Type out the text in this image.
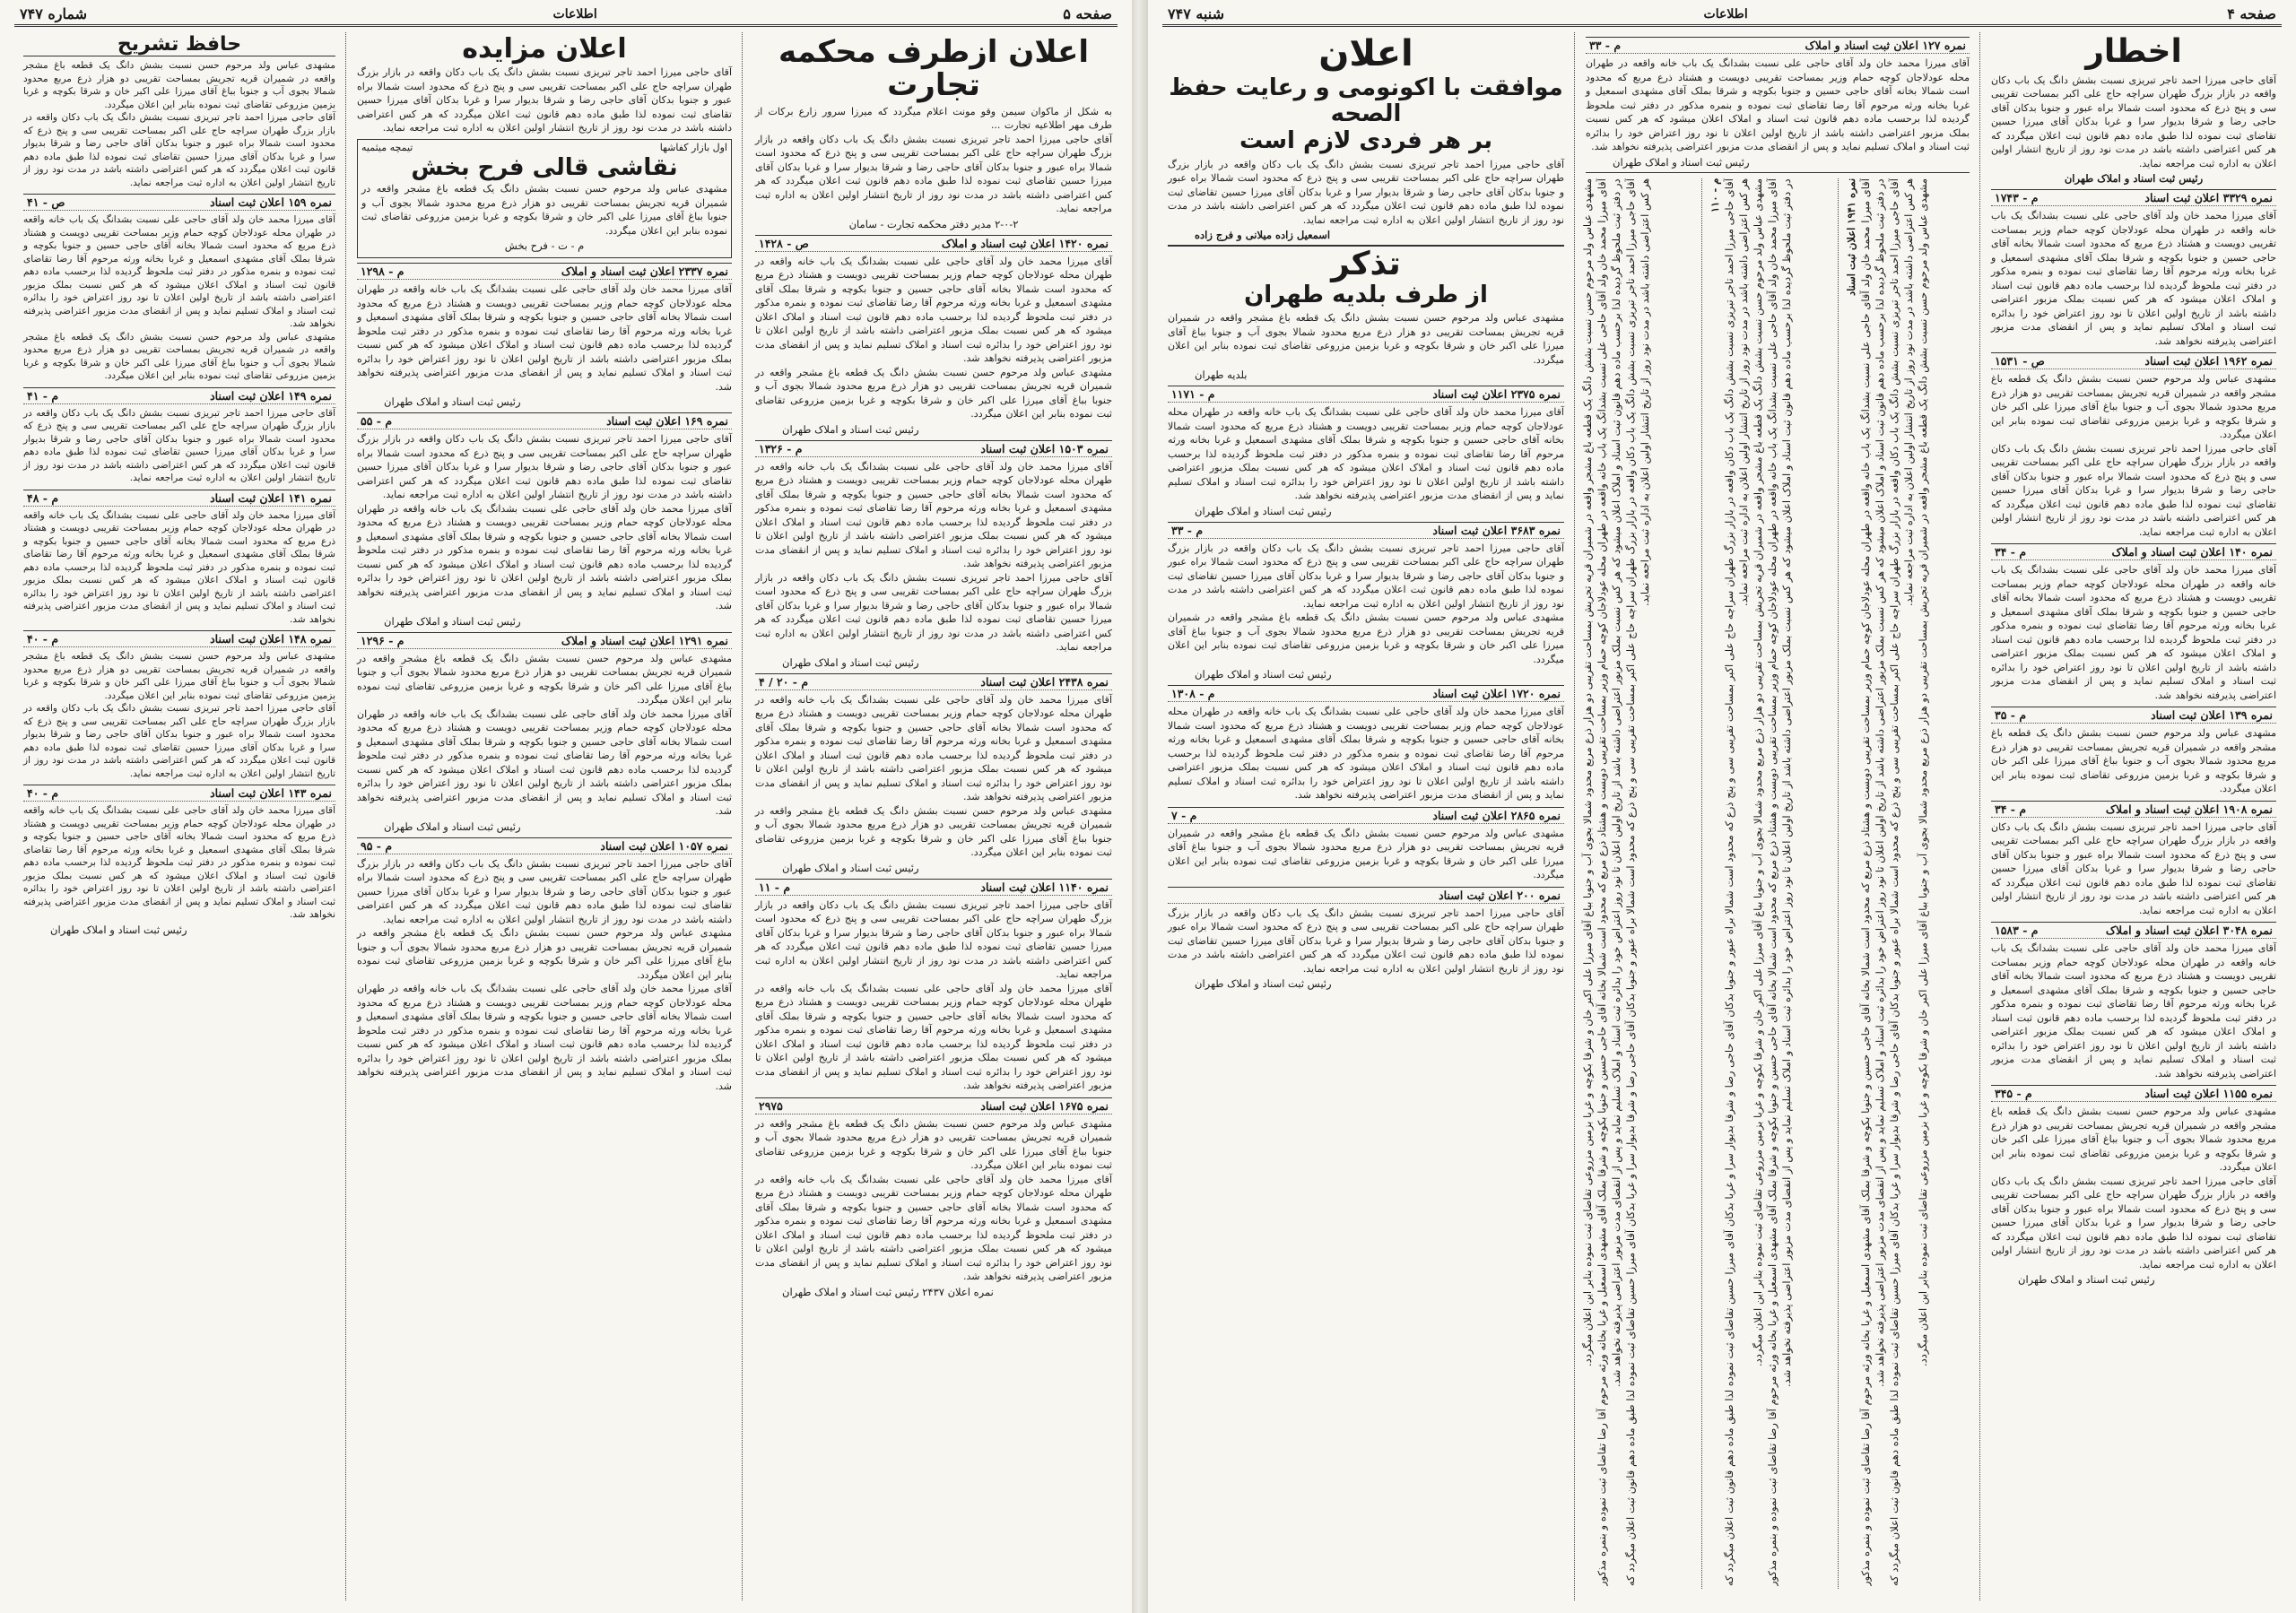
صفحه ۵
اطلاعات
شماره ۷۴۷
اعلان ازطرف محکمه تجارت
به شکل از ماکوان سیمن وقو مونت اعلام میگردد که میرزا سرور زارع برکات از طرف مهر اطلاعیه تجارت ...
آقای حاجی میرزا احمد تاجر تبریزی نسبت بشش دانگ یک باب دکان واقعه در بازار بزرگ طهران سراچه حاج علی اکبر بمساحت تقریبی سی و پنج ذرع که محدود است شمالا براه عبور و جنوبا بدکان آقای حاجی رضا و شرقا بدیوار سرا و غربا بدکان آقای میرزا حسین تقاضای ثبت نموده لذا طبق ماده دهم قانون ثبت اعلان میگردد که هر کس اعتراضی داشته باشد در مدت نود روز از تاریخ انتشار اولین اعلان به اداره ثبت مراجعه نماید.
۲-۰-۲ مدیر دفتر محکمه تجارت - سامان
نمره ۱۴۲۰ اعلان ثبت اسناد و املاک
ص - ۱۴۲۸
آقای میرزا محمد خان ولد آقای حاجی علی نسبت بشدانگ یک باب خانه واقعه در طهران محله عودلاجان کوچه حمام وزیر بمساحت تقریبی دویست و هشتاد ذرع مربع که محدود است شمالا بخانه آقای حاجی حسین و جنوبا بکوچه و شرقا بملک آقای مشهدی اسمعیل و غربا بخانه ورثه مرحوم آقا رضا تقاضای ثبت نموده و بنمره مذکور در دفتر ثبت ملحوظ گردیده لذا برحسب ماده دهم قانون ثبت اسناد و املاک اعلان میشود که هر کس نسبت بملک مزبور اعتراضی داشته باشد از تاریخ اولین اعلان تا نود روز اعتراض خود را بدائره ثبت اسناد و املاک تسلیم نماید و پس از انقضای مدت مزبور اعتراضی پذیرفته نخواهد شد.
مشهدی عباس ولد مرحوم حسن نسبت بشش دانگ یک قطعه باغ مشجر واقعه در شمیران قریه تجریش بمساحت تقریبی دو هزار ذرع مربع محدود شمالا بجوی آب و جنوبا بباغ آقای میرزا علی اکبر خان و شرقا بکوچه و غربا بزمین مزروعی تقاضای ثبت نموده بنابر این اعلان میگردد.
رئیس ثبت اسناد و املاک طهران
نمره ۱۵۰۳ اعلان ثبت اسناد
م - ۱۳۲۶
آقای میرزا محمد خان ولد آقای حاجی علی نسبت بشدانگ یک باب خانه واقعه در طهران محله عودلاجان کوچه حمام وزیر بمساحت تقریبی دویست و هشتاد ذرع مربع که محدود است شمالا بخانه آقای حاجی حسین و جنوبا بکوچه و شرقا بملک آقای مشهدی اسمعیل و غربا بخانه ورثه مرحوم آقا رضا تقاضای ثبت نموده و بنمره مذکور در دفتر ثبت ملحوظ گردیده لذا برحسب ماده دهم قانون ثبت اسناد و املاک اعلان میشود که هر کس نسبت بملک مزبور اعتراضی داشته باشد از تاریخ اولین اعلان تا نود روز اعتراض خود را بدائره ثبت اسناد و املاک تسلیم نماید و پس از انقضای مدت مزبور اعتراضی پذیرفته نخواهد شد.
آقای حاجی میرزا احمد تاجر تبریزی نسبت بشش دانگ یک باب دکان واقعه در بازار بزرگ طهران سراچه حاج علی اکبر بمساحت تقریبی سی و پنج ذرع که محدود است شمالا براه عبور و جنوبا بدکان آقای حاجی رضا و شرقا بدیوار سرا و غربا بدکان آقای میرزا حسین تقاضای ثبت نموده لذا طبق ماده دهم قانون ثبت اعلان میگردد که هر کس اعتراضی داشته باشد در مدت نود روز از تاریخ انتشار اولین اعلان به اداره ثبت مراجعه نماید.
رئیس ثبت اسناد و املاک طهران
نمره ۲۴۳۸ اعلان ثبت اسناد
م - ۲۰ / ۴
آقای میرزا محمد خان ولد آقای حاجی علی نسبت بشدانگ یک باب خانه واقعه در طهران محله عودلاجان کوچه حمام وزیر بمساحت تقریبی دویست و هشتاد ذرع مربع که محدود است شمالا بخانه آقای حاجی حسین و جنوبا بکوچه و شرقا بملک آقای مشهدی اسمعیل و غربا بخانه ورثه مرحوم آقا رضا تقاضای ثبت نموده و بنمره مذکور در دفتر ثبت ملحوظ گردیده لذا برحسب ماده دهم قانون ثبت اسناد و املاک اعلان میشود که هر کس نسبت بملک مزبور اعتراضی داشته باشد از تاریخ اولین اعلان تا نود روز اعتراض خود را بدائره ثبت اسناد و املاک تسلیم نماید و پس از انقضای مدت مزبور اعتراضی پذیرفته نخواهد شد.
مشهدی عباس ولد مرحوم حسن نسبت بشش دانگ یک قطعه باغ مشجر واقعه در شمیران قریه تجریش بمساحت تقریبی دو هزار ذرع مربع محدود شمالا بجوی آب و جنوبا بباغ آقای میرزا علی اکبر خان و شرقا بکوچه و غربا بزمین مزروعی تقاضای ثبت نموده بنابر این اعلان میگردد.
رئیس ثبت اسناد و املاک طهران
نمره ۱۱۴۰ اعلان ثبت اسناد
م - ۱۱
آقای حاجی میرزا احمد تاجر تبریزی نسبت بشش دانگ یک باب دکان واقعه در بازار بزرگ طهران سراچه حاج علی اکبر بمساحت تقریبی سی و پنج ذرع که محدود است شمالا براه عبور و جنوبا بدکان آقای حاجی رضا و شرقا بدیوار سرا و غربا بدکان آقای میرزا حسین تقاضای ثبت نموده لذا طبق ماده دهم قانون ثبت اعلان میگردد که هر کس اعتراضی داشته باشد در مدت نود روز از تاریخ انتشار اولین اعلان به اداره ثبت مراجعه نماید.
آقای میرزا محمد خان ولد آقای حاجی علی نسبت بشدانگ یک باب خانه واقعه در طهران محله عودلاجان کوچه حمام وزیر بمساحت تقریبی دویست و هشتاد ذرع مربع که محدود است شمالا بخانه آقای حاجی حسین و جنوبا بکوچه و شرقا بملک آقای مشهدی اسمعیل و غربا بخانه ورثه مرحوم آقا رضا تقاضای ثبت نموده و بنمره مذکور در دفتر ثبت ملحوظ گردیده لذا برحسب ماده دهم قانون ثبت اسناد و املاک اعلان میشود که هر کس نسبت بملک مزبور اعتراضی داشته باشد از تاریخ اولین اعلان تا نود روز اعتراض خود را بدائره ثبت اسناد و املاک تسلیم نماید و پس از انقضای مدت مزبور اعتراضی پذیرفته نخواهد شد.
نمره ۱۶۷۵ اعلان ثبت اسناد
۲۹۷۵
مشهدی عباس ولد مرحوم حسن نسبت بشش دانگ یک قطعه باغ مشجر واقعه در شمیران قریه تجریش بمساحت تقریبی دو هزار ذرع مربع محدود شمالا بجوی آب و جنوبا بباغ آقای میرزا علی اکبر خان و شرقا بکوچه و غربا بزمین مزروعی تقاضای ثبت نموده بنابر این اعلان میگردد.
آقای میرزا محمد خان ولد آقای حاجی علی نسبت بشدانگ یک باب خانه واقعه در طهران محله عودلاجان کوچه حمام وزیر بمساحت تقریبی دویست و هشتاد ذرع مربع که محدود است شمالا بخانه آقای حاجی حسین و جنوبا بکوچه و شرقا بملک آقای مشهدی اسمعیل و غربا بخانه ورثه مرحوم آقا رضا تقاضای ثبت نموده و بنمره مذکور در دفتر ثبت ملحوظ گردیده لذا برحسب ماده دهم قانون ثبت اسناد و املاک اعلان میشود که هر کس نسبت بملک مزبور اعتراضی داشته باشد از تاریخ اولین اعلان تا نود روز اعتراض خود را بدائره ثبت اسناد و املاک تسلیم نماید و پس از انقضای مدت مزبور اعتراضی پذیرفته نخواهد شد.
نمره اعلان ۲۴۳۷ رئیس ثبت اسناد و املاک طهران
اعلان مزایده
آقای حاجی میرزا احمد تاجر تبریزی نسبت بشش دانگ یک باب دکان واقعه در بازار بزرگ طهران سراچه حاج علی اکبر بمساحت تقریبی سی و پنج ذرع که محدود است شمالا براه عبور و جنوبا بدکان آقای حاجی رضا و شرقا بدیوار سرا و غربا بدکان آقای میرزا حسین تقاضای ثبت نموده لذا طبق ماده دهم قانون ثبت اعلان میگردد که هر کس اعتراضی داشته باشد در مدت نود روز از تاریخ انتشار اولین اعلان به اداره ثبت مراجعه نماید.
اول بازار کفاشها
تیمچه میثمیه
نقاشی قالی فرح بخش
مشهدی عباس ولد مرحوم حسن نسبت بشش دانگ یک قطعه باغ مشجر واقعه در شمیران قریه تجریش بمساحت تقریبی دو هزار ذرع مربع محدود شمالا بجوی آب و جنوبا بباغ آقای میرزا علی اکبر خان و شرقا بکوچه و غربا بزمین مزروعی تقاضای ثبت نموده بنابر این اعلان میگردد.
م - ت - فرح بخش
نمره ۲۳۳۷ اعلان ثبت اسناد و املاک
م - ۱۲۹۸
آقای میرزا محمد خان ولد آقای حاجی علی نسبت بشدانگ یک باب خانه واقعه در طهران محله عودلاجان کوچه حمام وزیر بمساحت تقریبی دویست و هشتاد ذرع مربع که محدود است شمالا بخانه آقای حاجی حسین و جنوبا بکوچه و شرقا بملک آقای مشهدی اسمعیل و غربا بخانه ورثه مرحوم آقا رضا تقاضای ثبت نموده و بنمره مذکور در دفتر ثبت ملحوظ گردیده لذا برحسب ماده دهم قانون ثبت اسناد و املاک اعلان میشود که هر کس نسبت بملک مزبور اعتراضی داشته باشد از تاریخ اولین اعلان تا نود روز اعتراض خود را بدائره ثبت اسناد و املاک تسلیم نماید و پس از انقضای مدت مزبور اعتراضی پذیرفته نخواهد شد.
رئیس ثبت اسناد و املاک طهران
نمره ۱۶۹ اعلان ثبت اسناد
م - ۵۵
آقای حاجی میرزا احمد تاجر تبریزی نسبت بشش دانگ یک باب دکان واقعه در بازار بزرگ طهران سراچه حاج علی اکبر بمساحت تقریبی سی و پنج ذرع که محدود است شمالا براه عبور و جنوبا بدکان آقای حاجی رضا و شرقا بدیوار سرا و غربا بدکان آقای میرزا حسین تقاضای ثبت نموده لذا طبق ماده دهم قانون ثبت اعلان میگردد که هر کس اعتراضی داشته باشد در مدت نود روز از تاریخ انتشار اولین اعلان به اداره ثبت مراجعه نماید.
آقای میرزا محمد خان ولد آقای حاجی علی نسبت بشدانگ یک باب خانه واقعه در طهران محله عودلاجان کوچه حمام وزیر بمساحت تقریبی دویست و هشتاد ذرع مربع که محدود است شمالا بخانه آقای حاجی حسین و جنوبا بکوچه و شرقا بملک آقای مشهدی اسمعیل و غربا بخانه ورثه مرحوم آقا رضا تقاضای ثبت نموده و بنمره مذکور در دفتر ثبت ملحوظ گردیده لذا برحسب ماده دهم قانون ثبت اسناد و املاک اعلان میشود که هر کس نسبت بملک مزبور اعتراضی داشته باشد از تاریخ اولین اعلان تا نود روز اعتراض خود را بدائره ثبت اسناد و املاک تسلیم نماید و پس از انقضای مدت مزبور اعتراضی پذیرفته نخواهد شد.
رئیس ثبت اسناد و املاک طهران
نمره ۱۲۹۱ اعلان ثبت اسناد و املاک
م - ۱۲۹۶
مشهدی عباس ولد مرحوم حسن نسبت بشش دانگ یک قطعه باغ مشجر واقعه در شمیران قریه تجریش بمساحت تقریبی دو هزار ذرع مربع محدود شمالا بجوی آب و جنوبا بباغ آقای میرزا علی اکبر خان و شرقا بکوچه و غربا بزمین مزروعی تقاضای ثبت نموده بنابر این اعلان میگردد.
آقای میرزا محمد خان ولد آقای حاجی علی نسبت بشدانگ یک باب خانه واقعه در طهران محله عودلاجان کوچه حمام وزیر بمساحت تقریبی دویست و هشتاد ذرع مربع که محدود است شمالا بخانه آقای حاجی حسین و جنوبا بکوچه و شرقا بملک آقای مشهدی اسمعیل و غربا بخانه ورثه مرحوم آقا رضا تقاضای ثبت نموده و بنمره مذکور در دفتر ثبت ملحوظ گردیده لذا برحسب ماده دهم قانون ثبت اسناد و املاک اعلان میشود که هر کس نسبت بملک مزبور اعتراضی داشته باشد از تاریخ اولین اعلان تا نود روز اعتراض خود را بدائره ثبت اسناد و املاک تسلیم نماید و پس از انقضای مدت مزبور اعتراضی پذیرفته نخواهد شد.
رئیس ثبت اسناد و املاک طهران
نمره ۱۰۵۷ اعلان ثبت اسناد
م - ۹۵
آقای حاجی میرزا احمد تاجر تبریزی نسبت بشش دانگ یک باب دکان واقعه در بازار بزرگ طهران سراچه حاج علی اکبر بمساحت تقریبی سی و پنج ذرع که محدود است شمالا براه عبور و جنوبا بدکان آقای حاجی رضا و شرقا بدیوار سرا و غربا بدکان آقای میرزا حسین تقاضای ثبت نموده لذا طبق ماده دهم قانون ثبت اعلان میگردد که هر کس اعتراضی داشته باشد در مدت نود روز از تاریخ انتشار اولین اعلان به اداره ثبت مراجعه نماید.
مشهدی عباس ولد مرحوم حسن نسبت بشش دانگ یک قطعه باغ مشجر واقعه در شمیران قریه تجریش بمساحت تقریبی دو هزار ذرع مربع محدود شمالا بجوی آب و جنوبا بباغ آقای میرزا علی اکبر خان و شرقا بکوچه و غربا بزمین مزروعی تقاضای ثبت نموده بنابر این اعلان میگردد.
آقای میرزا محمد خان ولد آقای حاجی علی نسبت بشدانگ یک باب خانه واقعه در طهران محله عودلاجان کوچه حمام وزیر بمساحت تقریبی دویست و هشتاد ذرع مربع که محدود است شمالا بخانه آقای حاجی حسین و جنوبا بکوچه و شرقا بملک آقای مشهدی اسمعیل و غربا بخانه ورثه مرحوم آقا رضا تقاضای ثبت نموده و بنمره مذکور در دفتر ثبت ملحوظ گردیده لذا برحسب ماده دهم قانون ثبت اسناد و املاک اعلان میشود که هر کس نسبت بملک مزبور اعتراضی داشته باشد از تاریخ اولین اعلان تا نود روز اعتراض خود را بدائره ثبت اسناد و املاک تسلیم نماید و پس از انقضای مدت مزبور اعتراضی پذیرفته نخواهد شد.
حافظ تشریح
مشهدی عباس ولد مرحوم حسن نسبت بشش دانگ یک قطعه باغ مشجر واقعه در شمیران قریه تجریش بمساحت تقریبی دو هزار ذرع مربع محدود شمالا بجوی آب و جنوبا بباغ آقای میرزا علی اکبر خان و شرقا بکوچه و غربا بزمین مزروعی تقاضای ثبت نموده بنابر این اعلان میگردد.
آقای حاجی میرزا احمد تاجر تبریزی نسبت بشش دانگ یک باب دکان واقعه در بازار بزرگ طهران سراچه حاج علی اکبر بمساحت تقریبی سی و پنج ذرع که محدود است شمالا براه عبور و جنوبا بدکان آقای حاجی رضا و شرقا بدیوار سرا و غربا بدکان آقای میرزا حسین تقاضای ثبت نموده لذا طبق ماده دهم قانون ثبت اعلان میگردد که هر کس اعتراضی داشته باشد در مدت نود روز از تاریخ انتشار اولین اعلان به اداره ثبت مراجعه نماید.
نمره ۱۵۹ اعلان ثبت اسناد
ص - ۴۱
آقای میرزا محمد خان ولد آقای حاجی علی نسبت بشدانگ یک باب خانه واقعه در طهران محله عودلاجان کوچه حمام وزیر بمساحت تقریبی دویست و هشتاد ذرع مربع که محدود است شمالا بخانه آقای حاجی حسین و جنوبا بکوچه و شرقا بملک آقای مشهدی اسمعیل و غربا بخانه ورثه مرحوم آقا رضا تقاضای ثبت نموده و بنمره مذکور در دفتر ثبت ملحوظ گردیده لذا برحسب ماده دهم قانون ثبت اسناد و املاک اعلان میشود که هر کس نسبت بملک مزبور اعتراضی داشته باشد از تاریخ اولین اعلان تا نود روز اعتراض خود را بدائره ثبت اسناد و املاک تسلیم نماید و پس از انقضای مدت مزبور اعتراضی پذیرفته نخواهد شد.
مشهدی عباس ولد مرحوم حسن نسبت بشش دانگ یک قطعه باغ مشجر واقعه در شمیران قریه تجریش بمساحت تقریبی دو هزار ذرع مربع محدود شمالا بجوی آب و جنوبا بباغ آقای میرزا علی اکبر خان و شرقا بکوچه و غربا بزمین مزروعی تقاضای ثبت نموده بنابر این اعلان میگردد.
نمره ۱۴۹ اعلان ثبت اسناد
م - ۴۱
آقای حاجی میرزا احمد تاجر تبریزی نسبت بشش دانگ یک باب دکان واقعه در بازار بزرگ طهران سراچه حاج علی اکبر بمساحت تقریبی سی و پنج ذرع که محدود است شمالا براه عبور و جنوبا بدکان آقای حاجی رضا و شرقا بدیوار سرا و غربا بدکان آقای میرزا حسین تقاضای ثبت نموده لذا طبق ماده دهم قانون ثبت اعلان میگردد که هر کس اعتراضی داشته باشد در مدت نود روز از تاریخ انتشار اولین اعلان به اداره ثبت مراجعه نماید.
نمره ۱۴۱ اعلان ثبت اسناد
م - ۴۸
آقای میرزا محمد خان ولد آقای حاجی علی نسبت بشدانگ یک باب خانه واقعه در طهران محله عودلاجان کوچه حمام وزیر بمساحت تقریبی دویست و هشتاد ذرع مربع که محدود است شمالا بخانه آقای حاجی حسین و جنوبا بکوچه و شرقا بملک آقای مشهدی اسمعیل و غربا بخانه ورثه مرحوم آقا رضا تقاضای ثبت نموده و بنمره مذکور در دفتر ثبت ملحوظ گردیده لذا برحسب ماده دهم قانون ثبت اسناد و املاک اعلان میشود که هر کس نسبت بملک مزبور اعتراضی داشته باشد از تاریخ اولین اعلان تا نود روز اعتراض خود را بدائره ثبت اسناد و املاک تسلیم نماید و پس از انقضای مدت مزبور اعتراضی پذیرفته نخواهد شد.
نمره ۱۴۸ اعلان ثبت اسناد
م - ۴۰
مشهدی عباس ولد مرحوم حسن نسبت بشش دانگ یک قطعه باغ مشجر واقعه در شمیران قریه تجریش بمساحت تقریبی دو هزار ذرع مربع محدود شمالا بجوی آب و جنوبا بباغ آقای میرزا علی اکبر خان و شرقا بکوچه و غربا بزمین مزروعی تقاضای ثبت نموده بنابر این اعلان میگردد.
آقای حاجی میرزا احمد تاجر تبریزی نسبت بشش دانگ یک باب دکان واقعه در بازار بزرگ طهران سراچه حاج علی اکبر بمساحت تقریبی سی و پنج ذرع که محدود است شمالا براه عبور و جنوبا بدکان آقای حاجی رضا و شرقا بدیوار سرا و غربا بدکان آقای میرزا حسین تقاضای ثبت نموده لذا طبق ماده دهم قانون ثبت اعلان میگردد که هر کس اعتراضی داشته باشد در مدت نود روز از تاریخ انتشار اولین اعلان به اداره ثبت مراجعه نماید.
نمره ۱۴۳ اعلان ثبت اسناد
م - ۴۰
آقای میرزا محمد خان ولد آقای حاجی علی نسبت بشدانگ یک باب خانه واقعه در طهران محله عودلاجان کوچه حمام وزیر بمساحت تقریبی دویست و هشتاد ذرع مربع که محدود است شمالا بخانه آقای حاجی حسین و جنوبا بکوچه و شرقا بملک آقای مشهدی اسمعیل و غربا بخانه ورثه مرحوم آقا رضا تقاضای ثبت نموده و بنمره مذکور در دفتر ثبت ملحوظ گردیده لذا برحسب ماده دهم قانون ثبت اسناد و املاک اعلان میشود که هر کس نسبت بملک مزبور اعتراضی داشته باشد از تاریخ اولین اعلان تا نود روز اعتراض خود را بدائره ثبت اسناد و املاک تسلیم نماید و پس از انقضای مدت مزبور اعتراضی پذیرفته نخواهد شد.
رئیس ثبت اسناد و املاک طهران
صفحه ۴
اطلاعات
شنبه ۷۴۷
اخطار
آقای حاجی میرزا احمد تاجر تبریزی نسبت بشش دانگ یک باب دکان واقعه در بازار بزرگ طهران سراچه حاج علی اکبر بمساحت تقریبی سی و پنج ذرع که محدود است شمالا براه عبور و جنوبا بدکان آقای حاجی رضا و شرقا بدیوار سرا و غربا بدکان آقای میرزا حسین تقاضای ثبت نموده لذا طبق ماده دهم قانون ثبت اعلان میگردد که هر کس اعتراضی داشته باشد در مدت نود روز از تاریخ انتشار اولین اعلان به اداره ثبت مراجعه نماید.
رئیس ثبت اسناد و املاک طهران
نمره ۳۳۲۹ اعلان ثبت اسناد
م - ۱۷۴۳
آقای میرزا محمد خان ولد آقای حاجی علی نسبت بشدانگ یک باب خانه واقعه در طهران محله عودلاجان کوچه حمام وزیر بمساحت تقریبی دویست و هشتاد ذرع مربع که محدود است شمالا بخانه آقای حاجی حسین و جنوبا بکوچه و شرقا بملک آقای مشهدی اسمعیل و غربا بخانه ورثه مرحوم آقا رضا تقاضای ثبت نموده و بنمره مذکور در دفتر ثبت ملحوظ گردیده لذا برحسب ماده دهم قانون ثبت اسناد و املاک اعلان میشود که هر کس نسبت بملک مزبور اعتراضی داشته باشد از تاریخ اولین اعلان تا نود روز اعتراض خود را بدائره ثبت اسناد و املاک تسلیم نماید و پس از انقضای مدت مزبور اعتراضی پذیرفته نخواهد شد.
نمره ۱۹۶۲ اعلان ثبت اسناد
ص - ۱۵۳۱
مشهدی عباس ولد مرحوم حسن نسبت بشش دانگ یک قطعه باغ مشجر واقعه در شمیران قریه تجریش بمساحت تقریبی دو هزار ذرع مربع محدود شمالا بجوی آب و جنوبا بباغ آقای میرزا علی اکبر خان و شرقا بکوچه و غربا بزمین مزروعی تقاضای ثبت نموده بنابر این اعلان میگردد.
آقای حاجی میرزا احمد تاجر تبریزی نسبت بشش دانگ یک باب دکان واقعه در بازار بزرگ طهران سراچه حاج علی اکبر بمساحت تقریبی سی و پنج ذرع که محدود است شمالا براه عبور و جنوبا بدکان آقای حاجی رضا و شرقا بدیوار سرا و غربا بدکان آقای میرزا حسین تقاضای ثبت نموده لذا طبق ماده دهم قانون ثبت اعلان میگردد که هر کس اعتراضی داشته باشد در مدت نود روز از تاریخ انتشار اولین اعلان به اداره ثبت مراجعه نماید.
نمره ۱۴۰ اعلان ثبت اسناد و املاک
م - ۳۴
آقای میرزا محمد خان ولد آقای حاجی علی نسبت بشدانگ یک باب خانه واقعه در طهران محله عودلاجان کوچه حمام وزیر بمساحت تقریبی دویست و هشتاد ذرع مربع که محدود است شمالا بخانه آقای حاجی حسین و جنوبا بکوچه و شرقا بملک آقای مشهدی اسمعیل و غربا بخانه ورثه مرحوم آقا رضا تقاضای ثبت نموده و بنمره مذکور در دفتر ثبت ملحوظ گردیده لذا برحسب ماده دهم قانون ثبت اسناد و املاک اعلان میشود که هر کس نسبت بملک مزبور اعتراضی داشته باشد از تاریخ اولین اعلان تا نود روز اعتراض خود را بدائره ثبت اسناد و املاک تسلیم نماید و پس از انقضای مدت مزبور اعتراضی پذیرفته نخواهد شد.
نمره ۱۳۹ اعلان ثبت اسناد
م - ۳۵
مشهدی عباس ولد مرحوم حسن نسبت بشش دانگ یک قطعه باغ مشجر واقعه در شمیران قریه تجریش بمساحت تقریبی دو هزار ذرع مربع محدود شمالا بجوی آب و جنوبا بباغ آقای میرزا علی اکبر خان و شرقا بکوچه و غربا بزمین مزروعی تقاضای ثبت نموده بنابر این اعلان میگردد.
نمره ۱۹۰۸ اعلان ثبت اسناد و املاک
م - ۳۴
آقای حاجی میرزا احمد تاجر تبریزی نسبت بشش دانگ یک باب دکان واقعه در بازار بزرگ طهران سراچه حاج علی اکبر بمساحت تقریبی سی و پنج ذرع که محدود است شمالا براه عبور و جنوبا بدکان آقای حاجی رضا و شرقا بدیوار سرا و غربا بدکان آقای میرزا حسین تقاضای ثبت نموده لذا طبق ماده دهم قانون ثبت اعلان میگردد که هر کس اعتراضی داشته باشد در مدت نود روز از تاریخ انتشار اولین اعلان به اداره ثبت مراجعه نماید.
نمره ۳۰۴۸ اعلان ثبت اسناد و املاک
م - ۱۵۸۳
آقای میرزا محمد خان ولد آقای حاجی علی نسبت بشدانگ یک باب خانه واقعه در طهران محله عودلاجان کوچه حمام وزیر بمساحت تقریبی دویست و هشتاد ذرع مربع که محدود است شمالا بخانه آقای حاجی حسین و جنوبا بکوچه و شرقا بملک آقای مشهدی اسمعیل و غربا بخانه ورثه مرحوم آقا رضا تقاضای ثبت نموده و بنمره مذکور در دفتر ثبت ملحوظ گردیده لذا برحسب ماده دهم قانون ثبت اسناد و املاک اعلان میشود که هر کس نسبت بملک مزبور اعتراضی داشته باشد از تاریخ اولین اعلان تا نود روز اعتراض خود را بدائره ثبت اسناد و املاک تسلیم نماید و پس از انقضای مدت مزبور اعتراضی پذیرفته نخواهد شد.
نمره ۱۱۵۵ اعلان ثبت اسناد
م - ۳۴۵
مشهدی عباس ولد مرحوم حسن نسبت بشش دانگ یک قطعه باغ مشجر واقعه در شمیران قریه تجریش بمساحت تقریبی دو هزار ذرع مربع محدود شمالا بجوی آب و جنوبا بباغ آقای میرزا علی اکبر خان و شرقا بکوچه و غربا بزمین مزروعی تقاضای ثبت نموده بنابر این اعلان میگردد.
آقای حاجی میرزا احمد تاجر تبریزی نسبت بشش دانگ یک باب دکان واقعه در بازار بزرگ طهران سراچه حاج علی اکبر بمساحت تقریبی سی و پنج ذرع که محدود است شمالا براه عبور و جنوبا بدکان آقای حاجی رضا و شرقا بدیوار سرا و غربا بدکان آقای میرزا حسین تقاضای ثبت نموده لذا طبق ماده دهم قانون ثبت اعلان میگردد که هر کس اعتراضی داشته باشد در مدت نود روز از تاریخ انتشار اولین اعلان به اداره ثبت مراجعه نماید.
رئیس ثبت اسناد و املاک طهران
نمره ۱۲۷ اعلان ثبت اسناد و املاک
م - ۳۳
آقای میرزا محمد خان ولد آقای حاجی علی نسبت بشدانگ یک باب خانه واقعه در طهران محله عودلاجان کوچه حمام وزیر بمساحت تقریبی دویست و هشتاد ذرع مربع که محدود است شمالا بخانه آقای حاجی حسین و جنوبا بکوچه و شرقا بملک آقای مشهدی اسمعیل و غربا بخانه ورثه مرحوم آقا رضا تقاضای ثبت نموده و بنمره مذکور در دفتر ثبت ملحوظ گردیده لذا برحسب ماده دهم قانون ثبت اسناد و املاک اعلان میشود که هر کس نسبت بملک مزبور اعتراضی داشته باشد از تاریخ اولین اعلان تا نود روز اعتراض خود را بدائره ثبت اسناد و املاک تسلیم نماید و پس از انقضای مدت مزبور اعتراضی پذیرفته نخواهد شد.
رئیس ثبت اسناد و املاک طهران
نمره ۱۹۴۱ اعلان ثبت اسناد آقای میرزا محمد خان ولد آقای حاجی علی نسبت بشدانگ یک باب خانه واقعه در طهران محله عودلاجان کوچه حمام وزیر بمساحت تقریبی دویست و هشتاد ذرع مربع که محدود است شمالا بخانه آقای حاجی حسین و جنوبا بکوچه و شرقا بملک آقای مشهدی اسمعیل و غربا بخانه ورثه مرحوم آقا رضا تقاضای ثبت نموده و بنمره مذکور در دفتر ثبت ملحوظ گردیده لذا برحسب ماده دهم قانون ثبت اسناد و املاک اعلان میشود که هر کس نسبت بملک مزبور اعتراضی داشته باشد از تاریخ اولین اعلان تا نود روز اعتراض خود را بدائره ثبت اسناد و املاک تسلیم نماید و پس از انقضای مدت مزبور اعتراضی پذیرفته نخواهد شد. آقای حاجی میرزا احمد تاجر تبریزی نسبت بشش دانگ یک باب دکان واقعه در بازار بزرگ طهران سراچه حاج علی اکبر بمساحت تقریبی سی و پنج ذرع که محدود است شمالا براه عبور و جنوبا بدکان آقای حاجی رضا و شرقا بدیوار سرا و غربا بدکان آقای میرزا حسین تقاضای ثبت نموده لذا طبق ماده دهم قانون ثبت اعلان میگردد که هر کس اعتراضی داشته باشد در مدت نود روز از تاریخ انتشار اولین اعلان به اداره ثبت مراجعه نماید. مشهدی عباس ولد مرحوم حسن نسبت بشش دانگ یک قطعه باغ مشجر واقعه در شمیران قریه تجریش بمساحت تقریبی دو هزار ذرع مربع محدود شمالا بجوی آب و جنوبا بباغ آقای میرزا علی اکبر خان و شرقا بکوچه و غربا بزمین مزروعی تقاضای ثبت نموده بنابر این اعلان میگردد.
م - ۱۱۰ آقای حاجی میرزا احمد تاجر تبریزی نسبت بشش دانگ یک باب دکان واقعه در بازار بزرگ طهران سراچه حاج علی اکبر بمساحت تقریبی سی و پنج ذرع که محدود است شمالا براه عبور و جنوبا بدکان آقای حاجی رضا و شرقا بدیوار سرا و غربا بدکان آقای میرزا حسین تقاضای ثبت نموده لذا طبق ماده دهم قانون ثبت اعلان میگردد که هر کس اعتراضی داشته باشد در مدت نود روز از تاریخ انتشار اولین اعلان به اداره ثبت مراجعه نماید. مشهدی عباس ولد مرحوم حسن نسبت بشش دانگ یک قطعه باغ مشجر واقعه در شمیران قریه تجریش بمساحت تقریبی دو هزار ذرع مربع محدود شمالا بجوی آب و جنوبا بباغ آقای میرزا علی اکبر خان و شرقا بکوچه و غربا بزمین مزروعی تقاضای ثبت نموده بنابر این اعلان میگردد. آقای میرزا محمد خان ولد آقای حاجی علی نسبت بشدانگ یک باب خانه واقعه در طهران محله عودلاجان کوچه حمام وزیر بمساحت تقریبی دویست و هشتاد ذرع مربع که محدود است شمالا بخانه آقای حاجی حسین و جنوبا بکوچه و شرقا بملک آقای مشهدی اسمعیل و غربا بخانه ورثه مرحوم آقا رضا تقاضای ثبت نموده و بنمره مذکور در دفتر ثبت ملحوظ گردیده لذا برحسب ماده دهم قانون ثبت اسناد و املاک اعلان میشود که هر کس نسبت بملک مزبور اعتراضی داشته باشد از تاریخ اولین اعلان تا نود روز اعتراض خود را بدائره ثبت اسناد و املاک تسلیم نماید و پس از انقضای مدت مزبور اعتراضی پذیرفته نخواهد شد.
مشهدی عباس ولد مرحوم حسن نسبت بشش دانگ یک قطعه باغ مشجر واقعه در شمیران قریه تجریش بمساحت تقریبی دو هزار ذرع مربع محدود شمالا بجوی آب و جنوبا بباغ آقای میرزا علی اکبر خان و شرقا بکوچه و غربا بزمین مزروعی تقاضای ثبت نموده بنابر این اعلان میگردد. آقای میرزا محمد خان ولد آقای حاجی علی نسبت بشدانگ یک باب خانه واقعه در طهران محله عودلاجان کوچه حمام وزیر بمساحت تقریبی دویست و هشتاد ذرع مربع که محدود است شمالا بخانه آقای حاجی حسین و جنوبا بکوچه و شرقا بملک آقای مشهدی اسمعیل و غربا بخانه ورثه مرحوم آقا رضا تقاضای ثبت نموده و بنمره مذکور در دفتر ثبت ملحوظ گردیده لذا برحسب ماده دهم قانون ثبت اسناد و املاک اعلان میشود که هر کس نسبت بملک مزبور اعتراضی داشته باشد از تاریخ اولین اعلان تا نود روز اعتراض خود را بدائره ثبت اسناد و املاک تسلیم نماید و پس از انقضای مدت مزبور اعتراضی پذیرفته نخواهد شد. آقای حاجی میرزا احمد تاجر تبریزی نسبت بشش دانگ یک باب دکان واقعه در بازار بزرگ طهران سراچه حاج علی اکبر بمساحت تقریبی سی و پنج ذرع که محدود است شمالا براه عبور و جنوبا بدکان آقای حاجی رضا و شرقا بدیوار سرا و غربا بدکان آقای میرزا حسین تقاضای ثبت نموده لذا طبق ماده دهم قانون ثبت اعلان میگردد که هر کس اعتراضی داشته باشد در مدت نود روز از تاریخ انتشار اولین اعلان به اداره ثبت مراجعه نماید.
اعلان
موافقت با اکونومی و رعایت حفظ الصحه
بر هر فردی لازم است
آقای حاجی میرزا احمد تاجر تبریزی نسبت بشش دانگ یک باب دکان واقعه در بازار بزرگ طهران سراچه حاج علی اکبر بمساحت تقریبی سی و پنج ذرع که محدود است شمالا براه عبور و جنوبا بدکان آقای حاجی رضا و شرقا بدیوار سرا و غربا بدکان آقای میرزا حسین تقاضای ثبت نموده لذا طبق ماده دهم قانون ثبت اعلان میگردد که هر کس اعتراضی داشته باشد در مدت نود روز از تاریخ انتشار اولین اعلان به اداره ثبت مراجعه نماید.
اسمعیل زاده میلانی و فرج زاده
تذکر
از طرف بلدیه طهران
مشهدی عباس ولد مرحوم حسن نسبت بشش دانگ یک قطعه باغ مشجر واقعه در شمیران قریه تجریش بمساحت تقریبی دو هزار ذرع مربع محدود شمالا بجوی آب و جنوبا بباغ آقای میرزا علی اکبر خان و شرقا بکوچه و غربا بزمین مزروعی تقاضای ثبت نموده بنابر این اعلان میگردد.
بلدیه طهران
نمره ۲۳۷۵ اعلان ثبت اسناد
م - ۱۱۷۱
آقای میرزا محمد خان ولد آقای حاجی علی نسبت بشدانگ یک باب خانه واقعه در طهران محله عودلاجان کوچه حمام وزیر بمساحت تقریبی دویست و هشتاد ذرع مربع که محدود است شمالا بخانه آقای حاجی حسین و جنوبا بکوچه و شرقا بملک آقای مشهدی اسمعیل و غربا بخانه ورثه مرحوم آقا رضا تقاضای ثبت نموده و بنمره مذکور در دفتر ثبت ملحوظ گردیده لذا برحسب ماده دهم قانون ثبت اسناد و املاک اعلان میشود که هر کس نسبت بملک مزبور اعتراضی داشته باشد از تاریخ اولین اعلان تا نود روز اعتراض خود را بدائره ثبت اسناد و املاک تسلیم نماید و پس از انقضای مدت مزبور اعتراضی پذیرفته نخواهد شد.
رئیس ثبت اسناد و املاک طهران
نمره ۳۶۸۳ اعلان ثبت اسناد
م - ۳۳
آقای حاجی میرزا احمد تاجر تبریزی نسبت بشش دانگ یک باب دکان واقعه در بازار بزرگ طهران سراچه حاج علی اکبر بمساحت تقریبی سی و پنج ذرع که محدود است شمالا براه عبور و جنوبا بدکان آقای حاجی رضا و شرقا بدیوار سرا و غربا بدکان آقای میرزا حسین تقاضای ثبت نموده لذا طبق ماده دهم قانون ثبت اعلان میگردد که هر کس اعتراضی داشته باشد در مدت نود روز از تاریخ انتشار اولین اعلان به اداره ثبت مراجعه نماید.
مشهدی عباس ولد مرحوم حسن نسبت بشش دانگ یک قطعه باغ مشجر واقعه در شمیران قریه تجریش بمساحت تقریبی دو هزار ذرع مربع محدود شمالا بجوی آب و جنوبا بباغ آقای میرزا علی اکبر خان و شرقا بکوچه و غربا بزمین مزروعی تقاضای ثبت نموده بنابر این اعلان میگردد.
رئیس ثبت اسناد و املاک طهران
نمره ۱۷۲۰ اعلان ثبت اسناد
م - ۱۳۰۸
آقای میرزا محمد خان ولد آقای حاجی علی نسبت بشدانگ یک باب خانه واقعه در طهران محله عودلاجان کوچه حمام وزیر بمساحت تقریبی دویست و هشتاد ذرع مربع که محدود است شمالا بخانه آقای حاجی حسین و جنوبا بکوچه و شرقا بملک آقای مشهدی اسمعیل و غربا بخانه ورثه مرحوم آقا رضا تقاضای ثبت نموده و بنمره مذکور در دفتر ثبت ملحوظ گردیده لذا برحسب ماده دهم قانون ثبت اسناد و املاک اعلان میشود که هر کس نسبت بملک مزبور اعتراضی داشته باشد از تاریخ اولین اعلان تا نود روز اعتراض خود را بدائره ثبت اسناد و املاک تسلیم نماید و پس از انقضای مدت مزبور اعتراضی پذیرفته نخواهد شد.
نمره ۲۸۶۵ اعلان ثبت اسناد
م - ۷
مشهدی عباس ولد مرحوم حسن نسبت بشش دانگ یک قطعه باغ مشجر واقعه در شمیران قریه تجریش بمساحت تقریبی دو هزار ذرع مربع محدود شمالا بجوی آب و جنوبا بباغ آقای میرزا علی اکبر خان و شرقا بکوچه و غربا بزمین مزروعی تقاضای ثبت نموده بنابر این اعلان میگردد.
نمره ۲۰۰ اعلان ثبت اسناد
آقای حاجی میرزا احمد تاجر تبریزی نسبت بشش دانگ یک باب دکان واقعه در بازار بزرگ طهران سراچه حاج علی اکبر بمساحت تقریبی سی و پنج ذرع که محدود است شمالا براه عبور و جنوبا بدکان آقای حاجی رضا و شرقا بدیوار سرا و غربا بدکان آقای میرزا حسین تقاضای ثبت نموده لذا طبق ماده دهم قانون ثبت اعلان میگردد که هر کس اعتراضی داشته باشد در مدت نود روز از تاریخ انتشار اولین اعلان به اداره ثبت مراجعه نماید.
رئیس ثبت اسناد و املاک طهران
